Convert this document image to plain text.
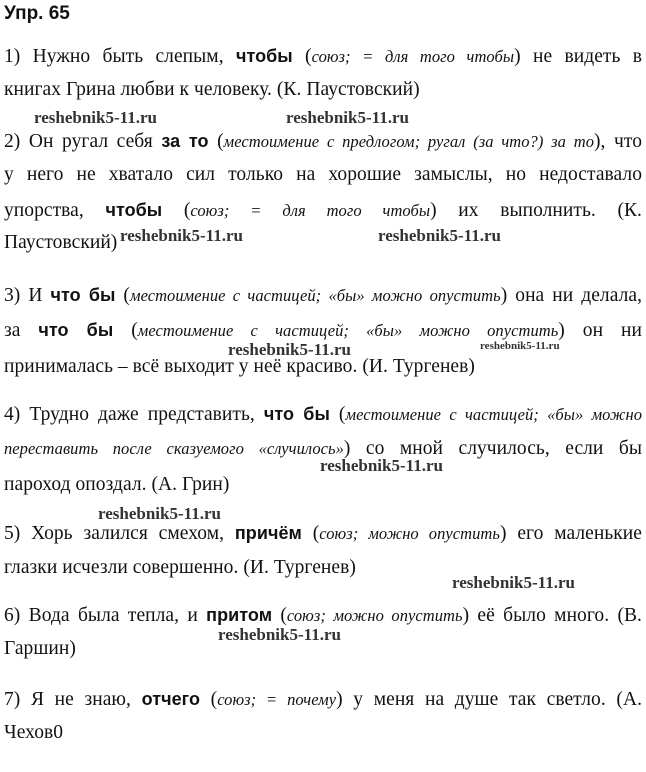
Упр. 65
1) Нужно быть слепым, чтобы (союз; = для того чтобы) не видеть в
книгах Грина любви к человеку. (К. Паустовский)
2) Он ругал себя за то (местоимение с предлогом; ругал (за что?) за то), что
у него не хватало сил только на хорошие замыслы, но недоставало
упорства, чтобы (союз; = для того чтобы) их выполнить. (К.
Паустовский)
3) И что бы (местоимение с частицей; «бы» можно опустить) она ни делала,
за что бы (местоимение с частицей; «бы» можно опустить) он ни
принималась – всё выходит у неё красиво. (И. Тургенев)
4) Трудно даже представить, что бы (местоимение с частицей; «бы» можно
переставить после сказуемого «случилось») со мной случилось, если бы
пароход опоздал. (А. Грин)
5) Хорь залился смехом, причём (союз; можно опустить) его маленькие
глазки исчезли совершенно. (И. Тургенев)
6) Вода была тепла, и притом (союз; можно опустить) её было много. (В.
Гаршин)
7) Я не знаю, отчего (союз; = почему) у меня на душе так светло. (А.
Чехов0
reshebnik5-11.ru	reshebnik5-11.ru
reshebnik5-11.ru	reshebnik5-11.ru
reshebnik5-11.ru	reshebnik5-11.ru
reshebnik5-11.ru
reshebnik5-11.ru
reshebnik5-11.ru
reshebnik5-11.ru
